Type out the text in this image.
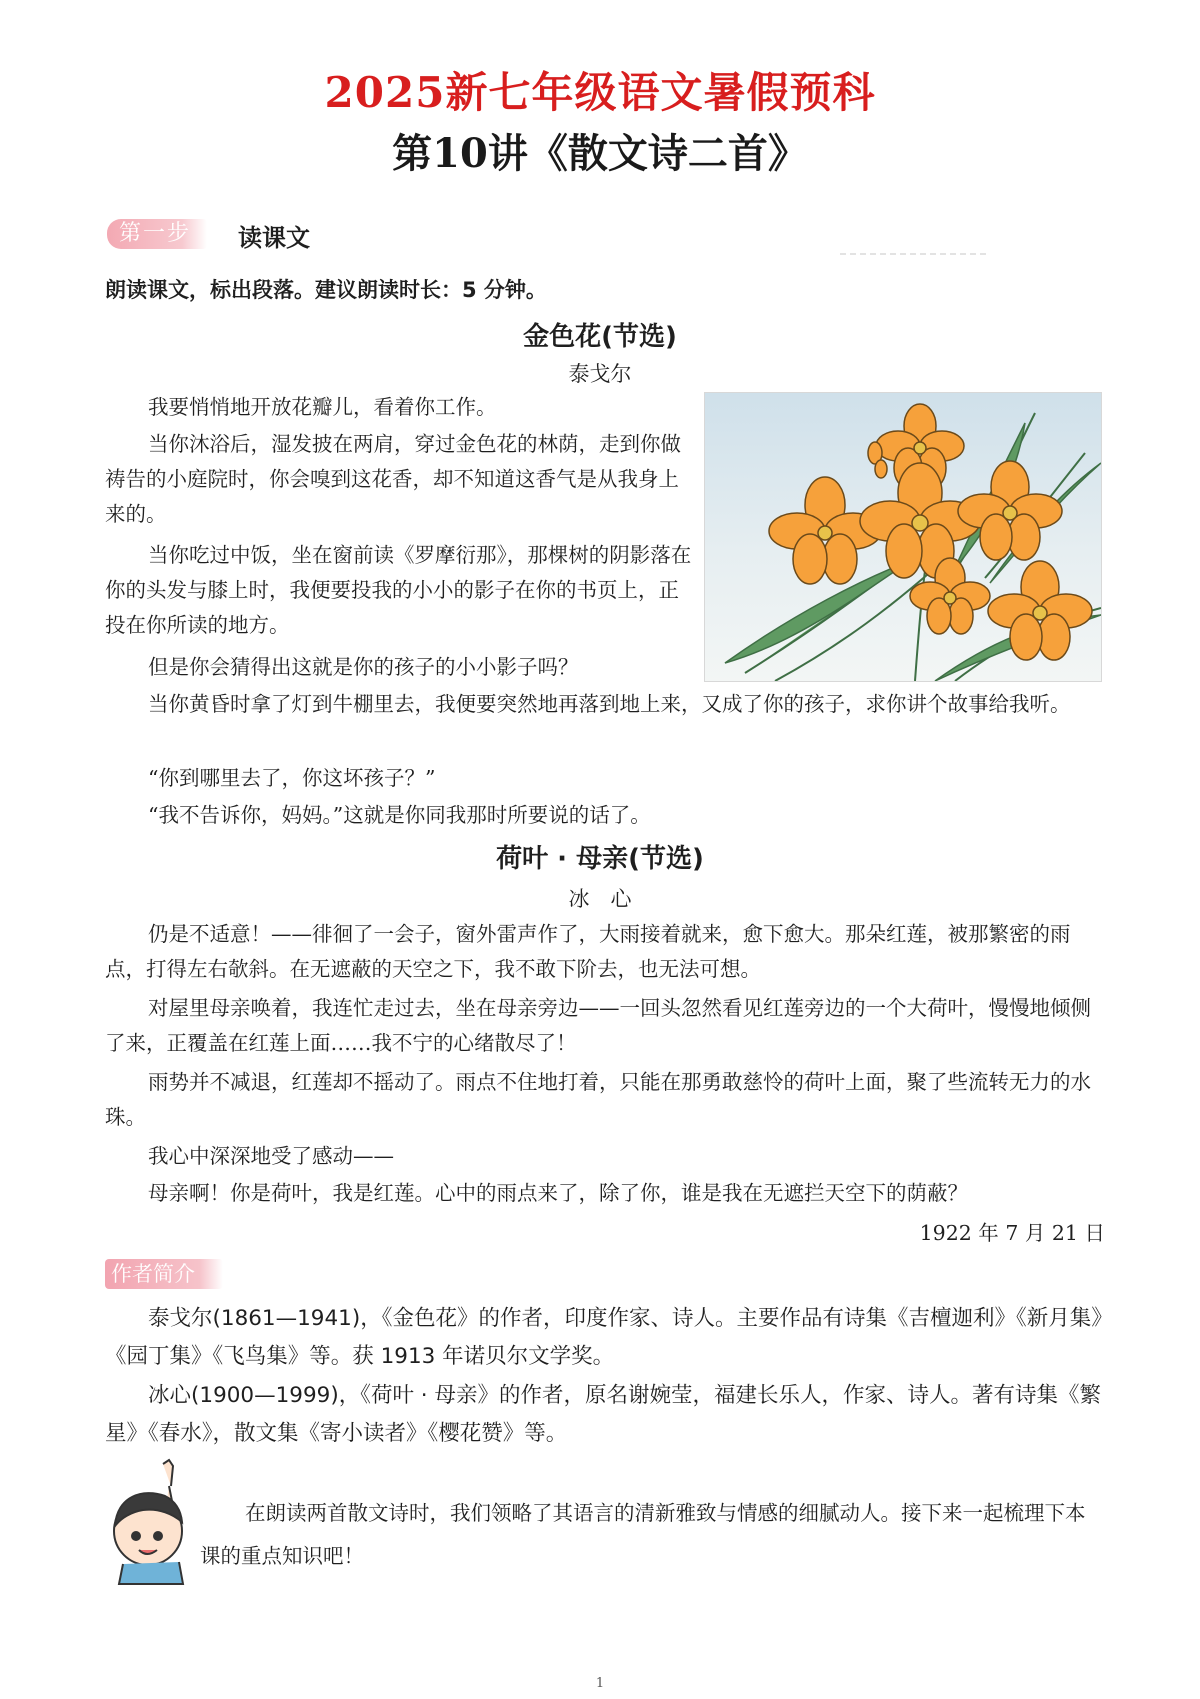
2025新七年级语文暑假预科
第10讲《散文诗二首》
第一步	读课文
朗读课文，标出段落。建议朗读时长：5 分钟。
金色花(节选)
泰戈尔
我要悄悄地开放花瓣儿，看着你工作。
当你沐浴后，湿发披在两肩，穿过金色花的林荫，走到你做祷告的小庭院时，你会嗅到这花香，却不知道这香气是从我身上来的。
当你吃过中饭，坐在窗前读《罗摩衍那》，那棵树的阴影落在你的头发与膝上时，我便要投我的小小的影子在你的书页上，正投在你所读的地方。
但是你会猜得出这就是你的孩子的小小影子吗？
当你黄昏时拿了灯到牛棚里去，我便要突然地再落到地上来，又成了你的孩子，求你讲个故事给我听。
“你到哪里去了，你这坏孩子？”
“我不告诉你，妈妈。”这就是你同我那时所要说的话了。
荷叶 · 母亲(节选)
冰　心
仍是不适意！——徘徊了一会子，窗外雷声作了，大雨接着就来，愈下愈大。那朵红莲，被那繁密的雨点，打得左右欹斜。在无遮蔽的天空之下，我不敢下阶去，也无法可想。
对屋里母亲唤着，我连忙走过去，坐在母亲旁边——一回头忽然看见红莲旁边的一个大荷叶，慢慢地倾侧了来，正覆盖在红莲上面……我不宁的心绪散尽了！
雨势并不减退，红莲却不摇动了。雨点不住地打着，只能在那勇敢慈怜的荷叶上面，聚了些流转无力的水珠。
我心中深深地受了感动——
母亲啊！你是荷叶，我是红莲。心中的雨点来了，除了你，谁是我在无遮拦天空下的荫蔽？
1922 年 7 月 21 日
作者简介
泰戈尔(1861—1941)，《金色花》的作者，印度作家、诗人。主要作品有诗集《吉檀迦利》《新月集》《园丁集》《飞鸟集》等。获 1913 年诺贝尔文学奖。
冰心(1900—1999)，《荷叶 · 母亲》的作者，原名谢婉莹，福建长乐人，作家、诗人。著有诗集《繁星》《春水》，散文集《寄小读者》《樱花赞》等。
在朗读两首散文诗时，我们领略了其语言的清新雅致与情感的细腻动人。接下来一起梳理下本课的重点知识吧！
1
